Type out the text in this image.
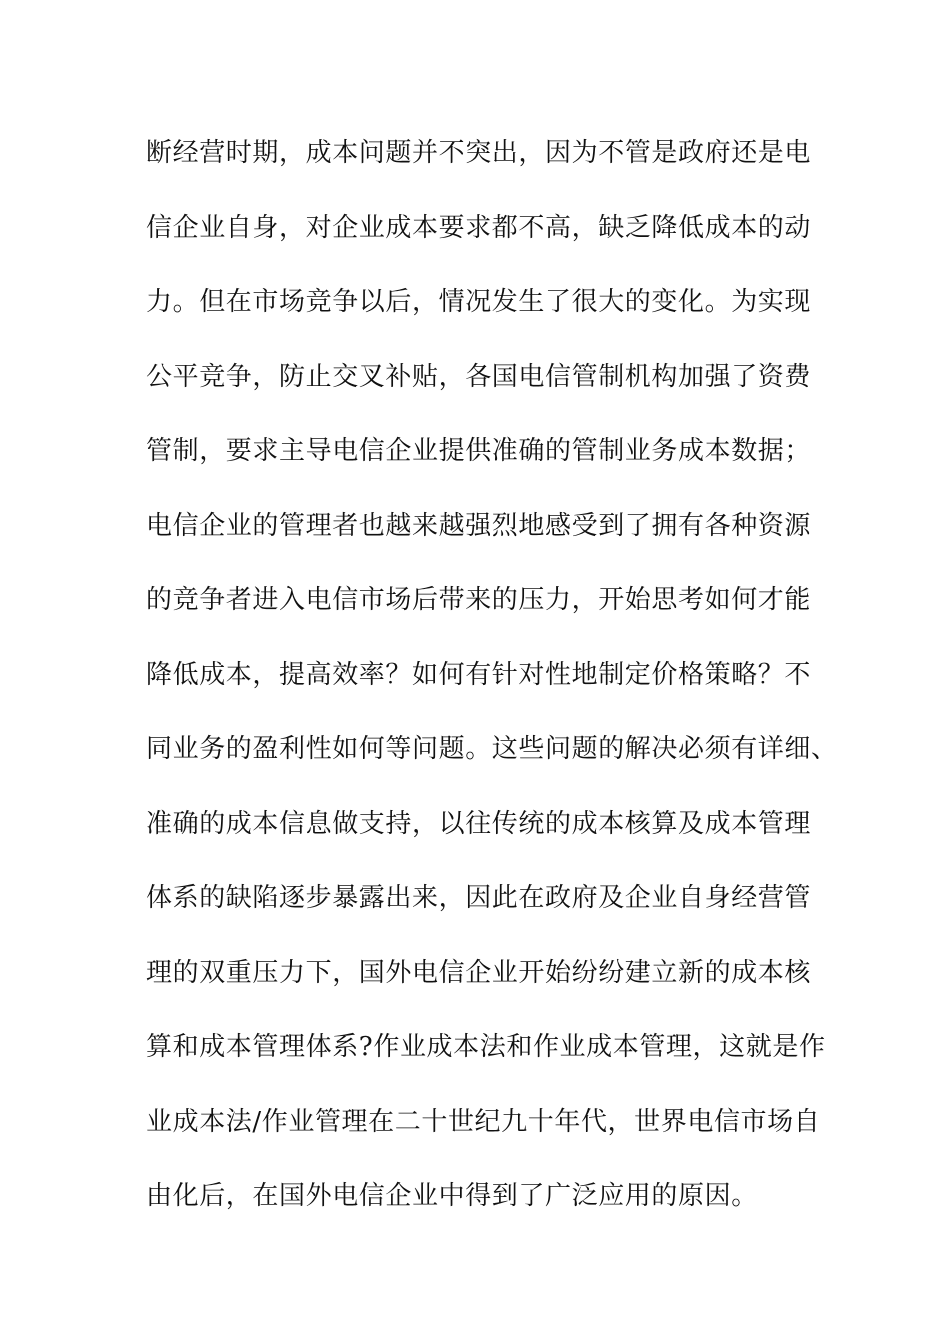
断经营时期，成本问题并不突出，因为不管是政府还是电
信企业自身，对企业成本要求都不高，缺乏降低成本的动
力。但在市场竞争以后，情况发生了很大的变化。为实现
公平竞争，防止交叉补贴，各国电信管制机构加强了资费
管制，要求主导电信企业提供准确的管制业务成本数据；
电信企业的管理者也越来越强烈地感受到了拥有各种资源
的竞争者进入电信市场后带来的压力，开始思考如何才能
降低成本，提高效率？如何有针对性地制定价格策略？不
同业务的盈利性如何等问题。这些问题的解决必须有详细、
准确的成本信息做支持，以往传统的成本核算及成本管理
体系的缺陷逐步暴露出来，因此在政府及企业自身经营管
理的双重压力下，国外电信企业开始纷纷建立新的成本核
算和成本管理体系?作业成本法和作业成本管理，这就是作
业成本法/作业管理在二十世纪九十年代，世界电信市场自
由化后，在国外电信企业中得到了广泛应用的原因。
